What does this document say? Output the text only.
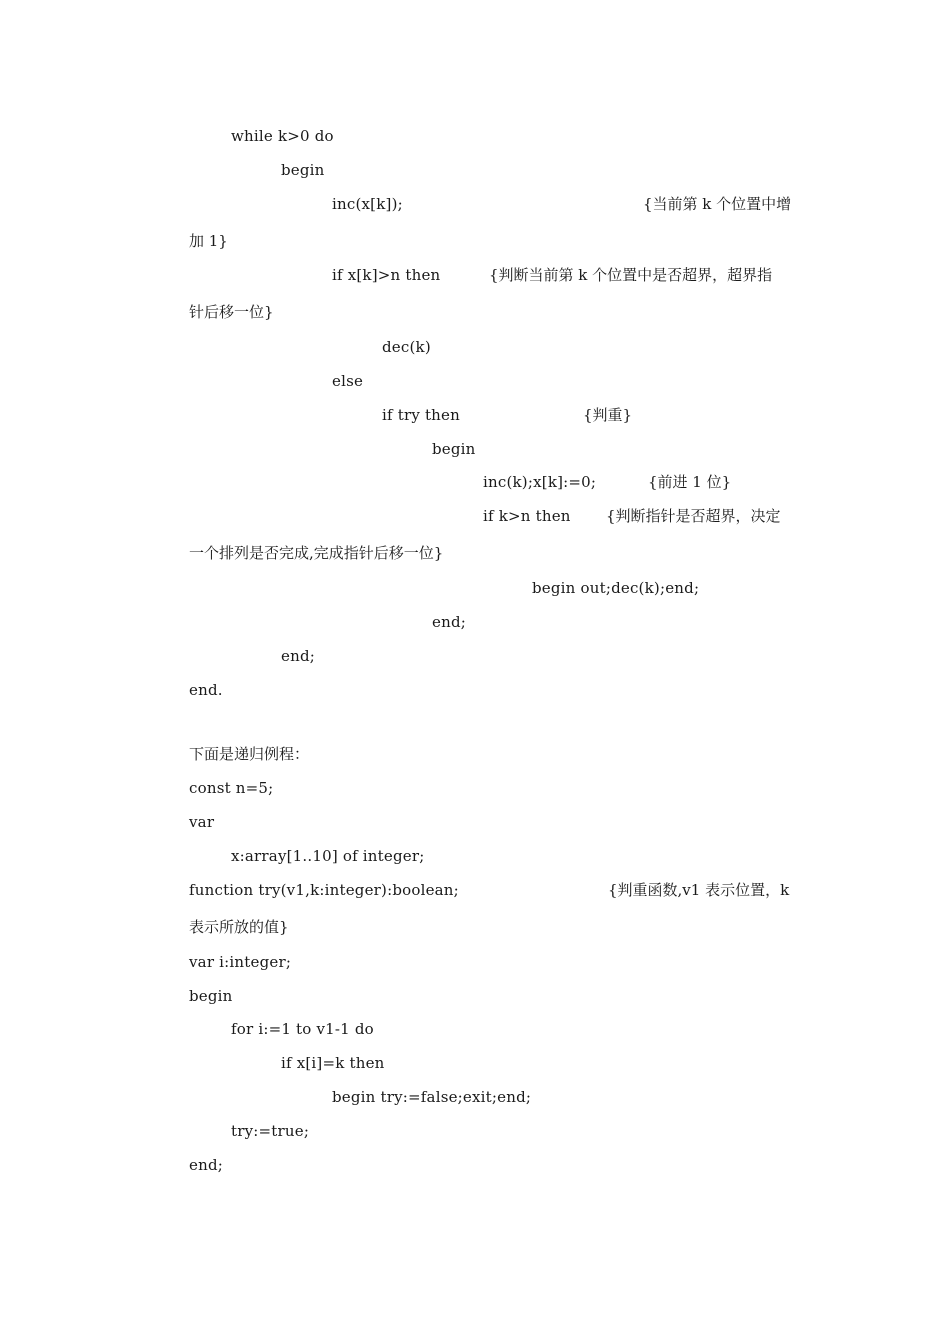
while k>0 do
begin
inc(x[k]);	{当前第 k 个位置中增
加 1}
if x[k]>n then	{判断当前第 k 个位置中是否超界，超界指
针后移一位}
dec(k)
else
if try then	{判重}
begin
inc(k);x[k]:=0;	{前进 1 位}
if k>n then {判断指针是否超界，决定
一个排列是否完成,完成指针后移一位}
begin out;dec(k);end;
end;
end;
end.
下面是递归例程：
const n=5;
var
x:array[1..10] of integer;
function try(v1,k:integer):boolean;	{判重函数,v1 表示位置，k
表示所放的值}
var i:integer;
begin
for i:=1 to v1-1 do
if x[i]=k then
begin try:=false;exit;end;
try:=true;
end;
